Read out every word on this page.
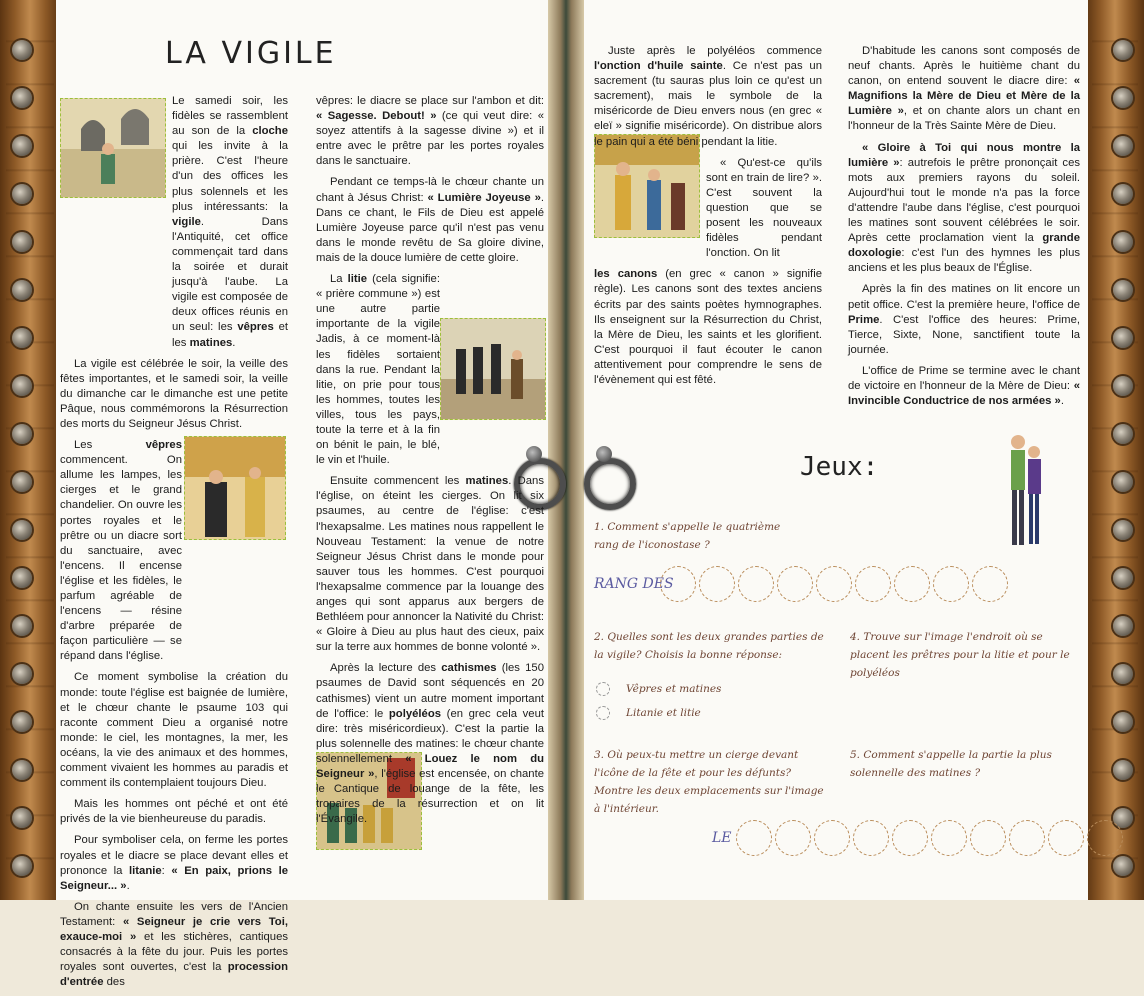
LA VIGILE

Le samedi soir, les fidèles se rassemblent au son de la cloche qui les invite à la prière. C'est l'heure d'un des offices les plus solennels et les plus intéressants: la vigile. Dans l'Antiquité, cet office commençait tard dans la soirée et durait jusqu'à l'aube. La vigile est composée de deux offices réunis en un seul: les vêpres et les matines.

La vigile est célébrée le soir, la veille des fêtes importantes, et le samedi soir, la veille du dimanche car le dimanche est une petite Pâque, nous commémorons la Résurrection des morts du Seigneur Jésus Christ.

Les vêpres commencent. On allume les lampes, les cierges et le grand chandelier. On ouvre les portes royales et le prêtre ou un diacre sort du sanctuaire, avec l'encens. Il encense l'église et les fidèles, le parfum agréable de l'encens — résine d'arbre préparée de façon particulière — se répand dans l'église.

Ce moment symbolise la création du monde: toute l'église est baignée de lumière, et le chœur chante le psaume 103 qui raconte comment Dieu a organisé notre monde: le ciel, les montagnes, la mer, les océans, la vie des animaux et des hommes, comment vivaient les hommes au paradis et comment ils contemplaient toujours Dieu.

Mais les hommes ont péché et ont été privés de la vie bienheureuse du paradis.

Pour symboliser cela, on ferme les portes royales et le diacre se place devant elles et prononce la litanie: « En paix, prions le Seigneur... ».

On chante ensuite les vers de l'Ancien Testament: « Seigneur je crie vers Toi, exauce-moi » et les stichères, cantiques consacrés à la fête du jour. Puis les portes royales sont ouvertes, c'est la procession d'entrée des

vêpres: le diacre se place sur l'ambon et dit: « Sagesse. Debout! » (ce qui veut dire: « soyez attentifs à la sagesse divine ») et il entre avec le prêtre par les portes royales dans le sanctuaire.

Pendant ce temps-là le chœur chante un chant à Jésus Christ: « Lumière Joyeuse ». Dans ce chant, le Fils de Dieu est appelé Lumière Joyeuse parce qu'il n'est pas venu dans le monde revêtu de Sa gloire divine, mais de la douce lumière de cette gloire.

La litie (cela signifie: « prière commune ») est une autre partie importante de la vigile Jadis, à ce moment-là les fidèles sortaient dans la rue. Pendant la litie, on prie pour tous les hommes, toutes les villes, tous les pays, toute la terre et à la fin on bénit le pain, le blé, le vin et l'huile.

Ensuite commencent les matines. Dans l'église, on éteint les cierges. On lit six psaumes, au centre de l'église: c'est l'hexapsalme. Les matines nous rappellent le Nouveau Testament: la venue de notre Seigneur Jésus Christ dans le monde pour sauver tous les hommes. C'est pourquoi l'hexapsalme commence par la louange des anges qui sont apparus aux bergers de Bethléem pour annoncer la Nativité du Christ: « Gloire à Dieu au plus haut des cieux, paix sur la terre aux hommes de bonne volonté ».

Après la lecture des cathismes (les 150 psaumes de David sont séquencés en 20 cathismes) vient un autre moment important de l'office: le polyéléos (en grec cela veut dire: très miséricordieux). C'est la partie la plus solennelle des matines: le chœur chante solennellement « Louez le nom du Seigneur », l'église est encensée, on chante le Cantique de louange de la fête, les tropaires de la résurrection et on lit l'Évangile.

Juste après le polyéléos commence l'onction d'huile sainte. Ce n'est pas un sacrement (tu sauras plus loin ce qu'est un sacrement), mais le symbole de la miséricorde de Dieu envers nous (en grec « eleï » signifie miséricorde). On distribue alors le pain qui a été béni pendant la litie.

« Qu'est-ce qu'ils sont en train de lire? ». C'est souvent la question que se posent les nouveaux fidèles pendant l'onction. On lit

les canons (en grec « canon » signifie règle). Les canons sont des textes anciens écrits par des saints poètes hymnographes. Ils enseignent sur la Résurrection du Christ, la Mère de Dieu, les saints et les glorifient. C'est pourquoi il faut écouter le canon attentivement pour comprendre le sens de l'évènement qui est fêté.

D'habitude les canons sont composés de neuf chants. Après le huitième chant du canon, on entend souvent le diacre dire: « Magnifions la Mère de Dieu et Mère de la Lumière », et on chante alors un chant en l'honneur de la Très Sainte Mère de Dieu.

« Gloire à Toi qui nous montre la lumière »: autrefois le prêtre prononçait ces mots aux premiers rayons du soleil. Aujourd'hui tout le monde n'a pas la force d'attendre l'aube dans l'église, c'est pourquoi les matines sont souvent célébrées le soir. Après cette proclamation vient la grande doxologie: c'est l'un des hymnes les plus anciens et les plus beaux de l'Église.

Après la fin des matines on lit encore un petit office. C'est la première heure, l'office de Prime. C'est l'office des heures: Prime, Tierce, Sixte, None, sanctifient toute la journée.

L'office de Prime se termine avec le chant de victoire en l'honneur de la Mère de Dieu: « Invincible Conductrice de nos armées ».

Jeux:
1. Comment s'appelle le quatrième rang de l'iconostase ?
RANG DES
2. Quelles sont les deux grandes parties de la vigile? Choisis la bonne réponse:
Vêpres et matines
Litanie et litie
4. Trouve sur l'image l'endroit où se placent les prêtres pour la litie et pour le polyéléos
3. Où peux-tu mettre un cierge devant l'icône de la fête et pour les défunts? Montre les deux emplacements sur l'image à l'intérieur.
5. Comment s'appelle la partie la plus solennelle des matines ?
LE
